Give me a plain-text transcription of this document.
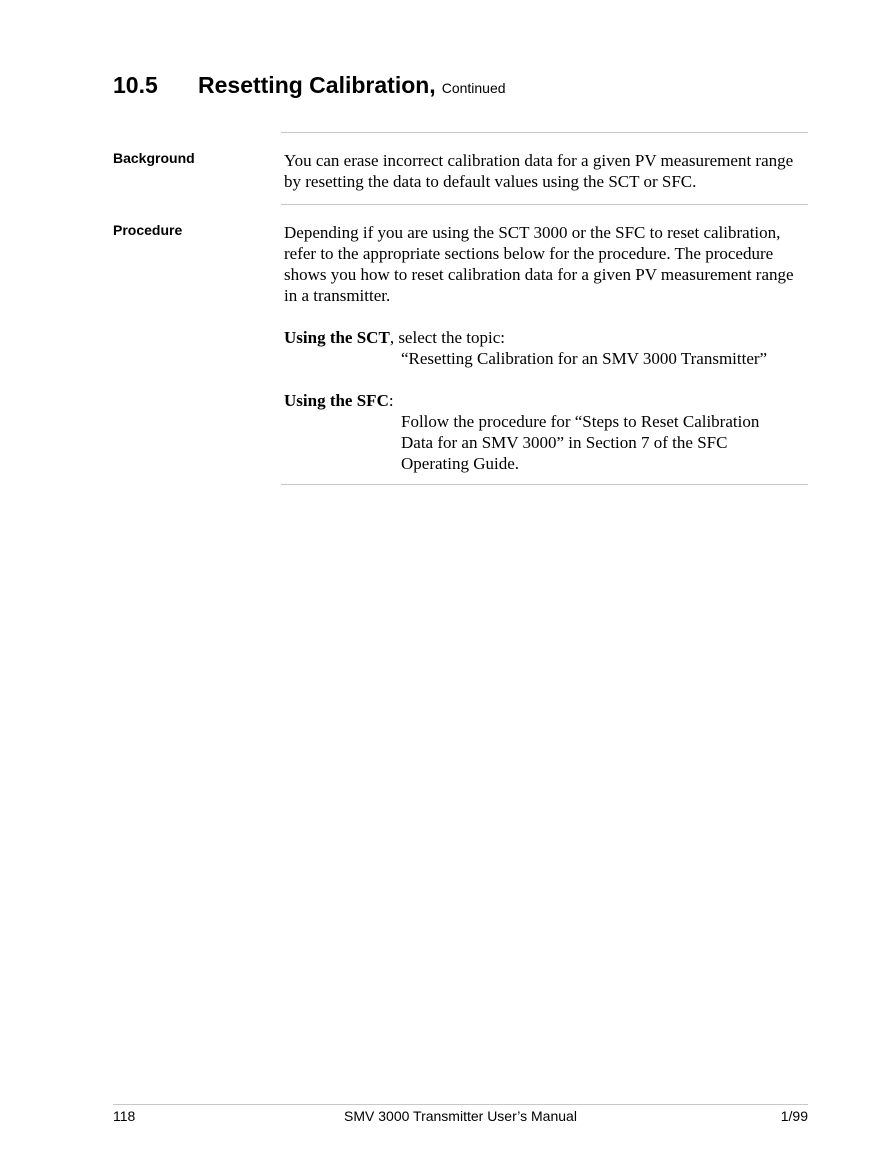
10.5 Resetting Calibration, Continued
Background	You can erase incorrect calibration data for a given PV measurement range by resetting the data to default values using the SCT or SFC.

Procedure	Depending if you are using the SCT 3000 or the SFC to reset calibration, refer to the appropriate sections below for the procedure. The procedure shows you how to reset calibration data for a given PV measurement range in a transmitter.

Using the SCT, select the topic:

“Resetting Calibration for an SMV 3000 Transmitter”

Using the SFC:

Follow the procedure for “Steps to Reset Calibration

Data for an SMV 3000” in Section 7 of the SFC

Operating Guide.

118	SMV 3000 Transmitter User’s Manual	1/99
